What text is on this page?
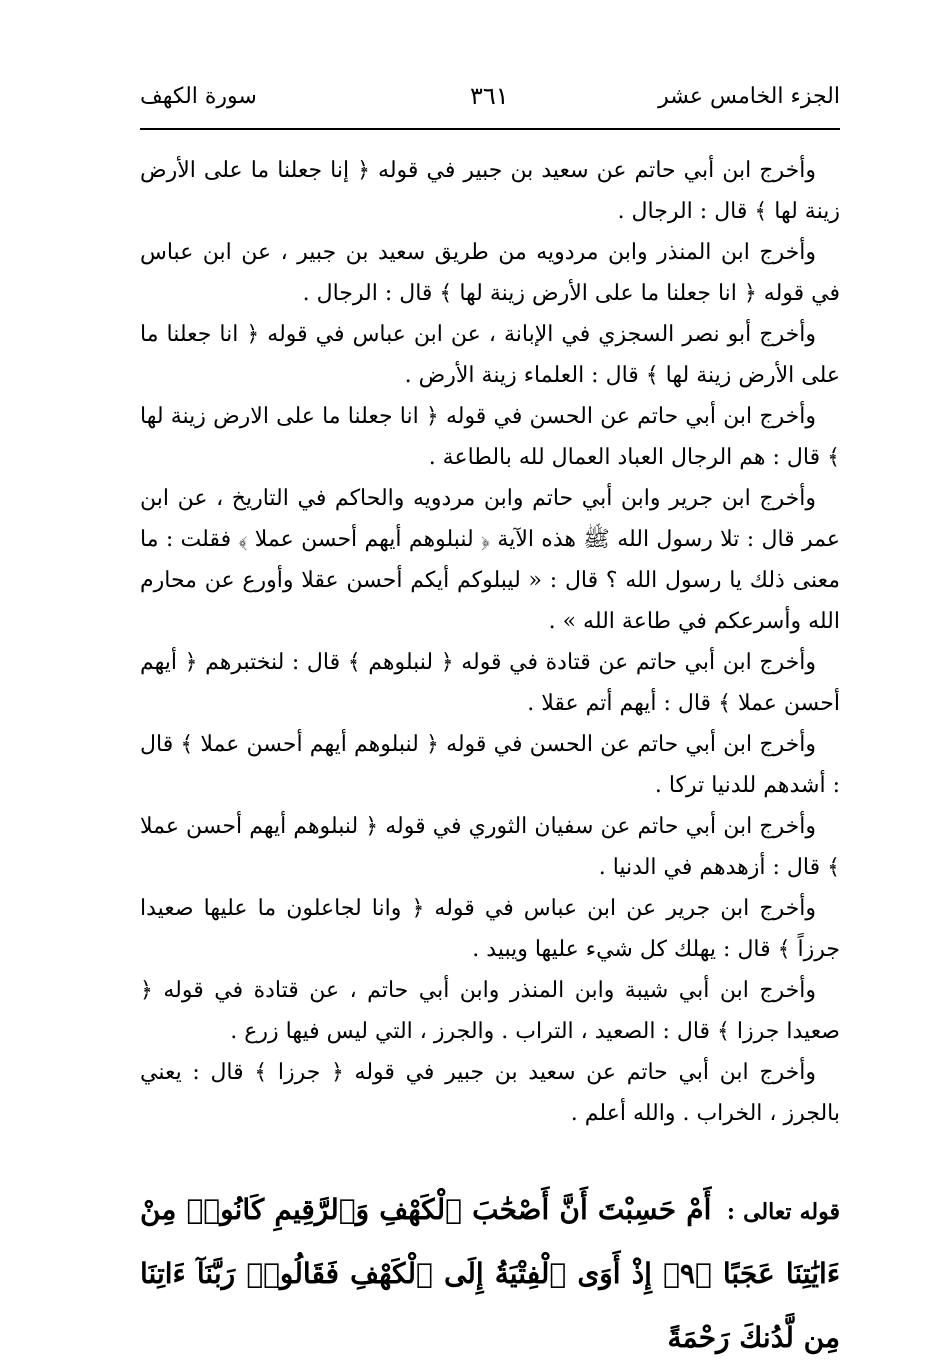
الجزء الخامس عشر
٣٦١
سورة الكهف

وأخرج ابن أبي حاتم عن سعيد بن جبير في قوله ﴿ إنا جعلنا ما على الأرض زينة لها ﴾ قال : الرجال .

وأخرج ابن المنذر وابن مردويه من طريق سعيد بن جبير ، عن ابن عباس في قوله ﴿ انا جعلنا ما على الأرض زينة لها ﴾ قال : الرجال .

وأخرج أبو نصر السجزي في الإبانة ، عن ابن عباس في قوله ﴿ انا جعلنا ما على الأرض زينة لها ﴾ قال : العلماء زينة الأرض .

وأخرج ابن أبي حاتم عن الحسن في قوله ﴿ انا جعلنا ما على الارض زينة لها ﴾ قال : هم الرجال العباد العمال لله بالطاعة .

وأخرج ابن جرير وابن أبي حاتم وابن مردويه والحاكم في التاريخ ، عن ابن عمر قال : تلا رسول الله ﷺ هذه الآية ﴿ لنبلوهم أيهم أحسن عملا ﴾ فقلت : ما معنى ذلك يا رسول الله ؟ قال : « ليبلوكم أيكم أحسن عقلا وأورع عن محارم الله وأسرعكم في طاعة الله » .

وأخرج ابن أبي حاتم عن قتادة في قوله ﴿ لنبلوهم ﴾ قال : لنختبرهم ﴿ أيهم أحسن عملا ﴾ قال : أيهم أتم عقلا .

وأخرج ابن أبي حاتم عن الحسن في قوله ﴿ لنبلوهم أيهم أحسن عملا ﴾ قال : أشدهم للدنيا تركا .

وأخرج ابن أبي حاتم عن سفيان الثوري في قوله ﴿ لنبلوهم أيهم أحسن عملا ﴾ قال : أزهدهم في الدنيا .

وأخرج ابن جرير عن ابن عباس في قوله ﴿ وانا لجاعلون ما عليها صعيدا جرزاً ﴾ قال : يهلك كل شيء عليها ويبيد .

وأخرج ابن أبي شيبة وابن المنذر وابن أبي حاتم ، عن قتادة في قوله ﴿ صعيدا جرزا ﴾ قال : الصعيد ، التراب . والجرز ، التي ليس فيها زرع .

وأخرج ابن أبي حاتم عن سعيد بن جبير في قوله ﴿ جرزا ﴾ قال : يعني بالجرز ، الخراب . والله أعلم .

قوله تعالى : أَمْ حَسِبْتَ أَنَّ أَصْحَٰبَ ٱلْكَهْفِ وَٱلرَّقِيمِ كَانُوا۟ مِنْ ءَايَٰتِنَا عَجَبًا ﴿٩﴾ إِذْ أَوَى ٱلْفِتْيَةُ إِلَى ٱلْكَهْفِ فَقَالُوا۟ رَبَّنَآ ءَاتِنَا مِن لَّدُنكَ رَحْمَةً
